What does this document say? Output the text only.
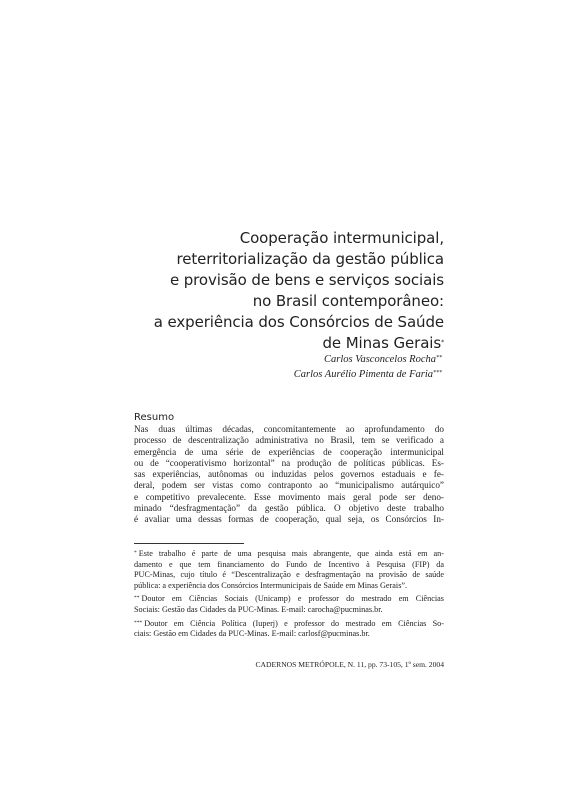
Cooperação intermunicipal,
reterritorialização da gestão pública
e provisão de bens e serviços sociais
no Brasil contemporâneo:
a experiência dos Consórcios de Saúde
de Minas Gerais*
Carlos Vasconcelos Rocha**
Carlos Aurélio Pimenta de Faria***
Resumo
Nas duas últimas décadas, concomitantemente ao aprofundamento do
processo de descentralização administrativa no Brasil, tem se verificado a
emergência de uma série de experiências de cooperação intermunicipal
ou de “cooperativismo horizontal” na produção de políticas públicas. Es-
sas experiências, autônomas ou induzidas pelos governos estaduais e fe-
deral, podem ser vistas como contraponto ao “municipalismo autárquico”
e competitivo prevalecente. Esse movimento mais geral pode ser deno-
minado “desfragmentação” da gestão pública. O objetivo deste trabalho
é avaliar uma dessas formas de cooperação, qual seja, os Consórcios In-
* Este trabalho é parte de uma pesquisa mais abrangente, que ainda está em an-
damento e que tem financiamento do Fundo de Incentivo à Pesquisa (FIP) da
PUC-Minas, cujo título é “Descentralização e desfragmentação na provisão de saúde
pública: a experiência dos Consórcios Intermunicipais de Saúde em Minas Gerais”.
** Doutor em Ciências Sociais (Unicamp) e professor do mestrado em Ciências
Sociais: Gestão das Cidades da PUC-Minas. E-mail: carocha@pucminas.br.
*** Doutor em Ciência Política (Iuperj) e professor do mestrado em Ciências So-
ciais: Gestão em Cidades da PUC-Minas. E-mail: carlosf@pucminas.br.
CADERNOS METRÓPOLE, N. 11, pp. 73-105, 1º sem. 2004
